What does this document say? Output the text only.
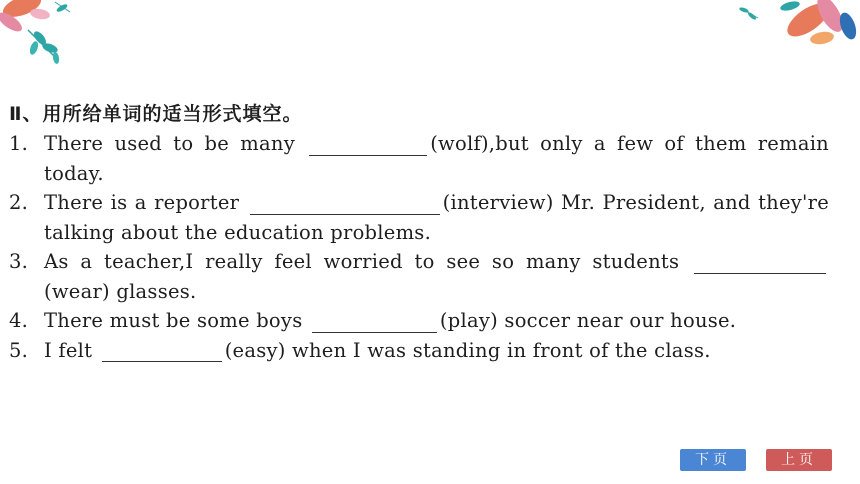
Ⅱ、用所给单词的适当形式填空。
1. There used to be many	(wolf),but only a few of them remain today.
2. There is a reporter	(interview) Mr. President, and they're talking about the education problems.
3. As a teacher,I really feel worried to see so many students (wear) glasses.
4. There must be some boys	(play) soccer near our house.
5. I felt	(easy) when I was standing in front of the class.
下页	上页
